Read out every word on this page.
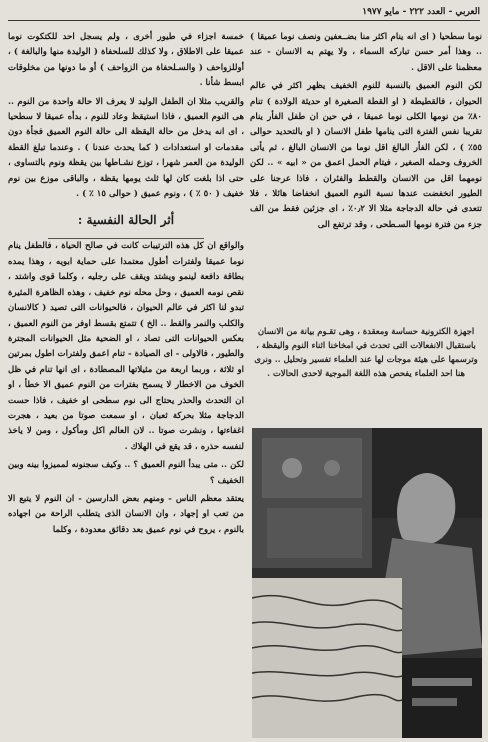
العربي - العدد ٢٢٢ - مايو ١٩٧٧

نوما سطحيا ( اى انه ينام اكثر منا بضــعفين ونصف نوما عميقا ) .. وهذا أمر حسن تباركه السماء ، ولا يهتم به الانسان - عند معظمنا على الاقل .

لكن النوم العميق بالنسبة للنوم الخفيف يظهر اكثر في عالم الحيوان ، فالقطيطة ( او القطة الصغيرة او حديثة الولادة ) تنام ٨٠٪ من نومها الكلى نوما عميقا ، في حين ان طفل الفأر ينام تقريبا نفس الفترة التى ينامها طفل الانسان ( او بالتحديد حوالى ٥٥٪ ) ، لكن الفأر البالغ اقل نوما من الانسان البالغ ، ثم يأتى الخروف وحمله الصغير ، فيتام الحمل اعمق من « ابيه » .. لكن نومهما اقل من الانسان والقطط والفئران ، فاذا عرجنا على الطيور انخفضت عندها نسبة النوم العميق انخفاضا هائلا ، فلا تتعدى في حالة الدجاجة مثلا الا ٠٫٢٪ ، اى جزئين فقط من الف جزء من فترة نومها السـطحى ، وقد ترتفع الى

اجهزة الكترونية حساسة ومعقدة ، وهى تقـوم بيانة من الانسان باستقبال الانفعالات التى تحدث في امخاخنا اثناء النوم واليقظة ، وترسمها على هيئة موجات لها عند العلماء تفسير وتحليل .. ونرى هنا احد العلماء يفحص هذه اللغة الموجية لاحدى الحالات .

خمسة اجزاء في طيور أخرى ، ولم يسجل احد للكتكوت نوما عميقا على الاطلاق ، ولا كذلك للسلحفاة ( الوليدة منها والبالغة ) ، أوللزواحف ( والسـلحفاة من الزواحف ) أو ما دونها من مخلوقات ابسط شأنا .

والقريب مثلا ان الطفل الوليد لا يعرف الا حالة واحدة من النوم .. هى النوم العميق ، فاذا استيقظ وعاد للنوم ، بدأه عميقا لا سطحيا ، اى انه يدخل من حالة اليقظة الى حالة النوم العميق فجأة دون مقدمات او استعدادات ( كما يحدث عندنا ) . وعندما تبلغ القطة الوليدة من العمر شهرا ، توزع نشـاطها بين يقظة ونوم بالتساوى ، حتى اذا بلغت كان لها ثلث يومها يقظة ، والباقى موزع بين نوم خفيف ( ٥٠ ٪ ) ، ونوم عميق ( حوالى ١٥ ٪ ) .

أثر الحالة النفسية :

والواقع ان كل هذه الترتيبات كانت في صالح الحياة ، فالطفل ينام نوما عميقا ولفترات أطول معتمدا على حماية ابويه ، وهذا يمده بطاقة دافعة لينمو ويشتد ويقف على رجليه ، وكلما قوى واشتد ، نقص نومه العميق ، وحل محله نوم خفيف ، وهذه الظاهرة المثيرة تبدو لنا اكثر في عالم الحيوان ، فالحيوانات التى تصيد ( كالانسان والكلب والنمر والقط .. الخ ) تتمتع بقسط اوفر من النوم العميق ، بعكس الحيوانات التى تصاد ، او الضحية مثل الحيوانات المجترة والطيور ، فالاولى - اى الصيادة - تنام اعمق ولفترات اطول بمرتين او ثلاثة ، وربما اربعة من مثيلاتها المصطادة ، اى انها تنام في ظل الخوف من الاخطار لا يسمح بفترات من النوم عميق الا خطأ ، او ان التحدث والحذر يحتاج الى نوم سطحى او خفيف ، فاذا حست الدجاجة مثلا بحركة ثعبان ، او سمعت صوتا من بعيد ، هجرت اغفاءتها ، ونشرت صوتا .. لان العالم اكل ومأكول ، ومن لا ياخذ لنفسه حذره ، قد يقع في الهلاك .

لكن .. متى يبدأ النوم العميق ؟ .. وكيف سجنونه لمميزوا بينه وبين الخفيف ؟

يعتقد معظم الناس - ومنهم بعض الدارسين - ان النوم لا يتبع الا من تعب او إجهاد ، وان الانسان الذى يتطلب الراحة من اجهاده بالنوم ، يروح في نوم عميق بعد دقائق معدودة ، وكلما
